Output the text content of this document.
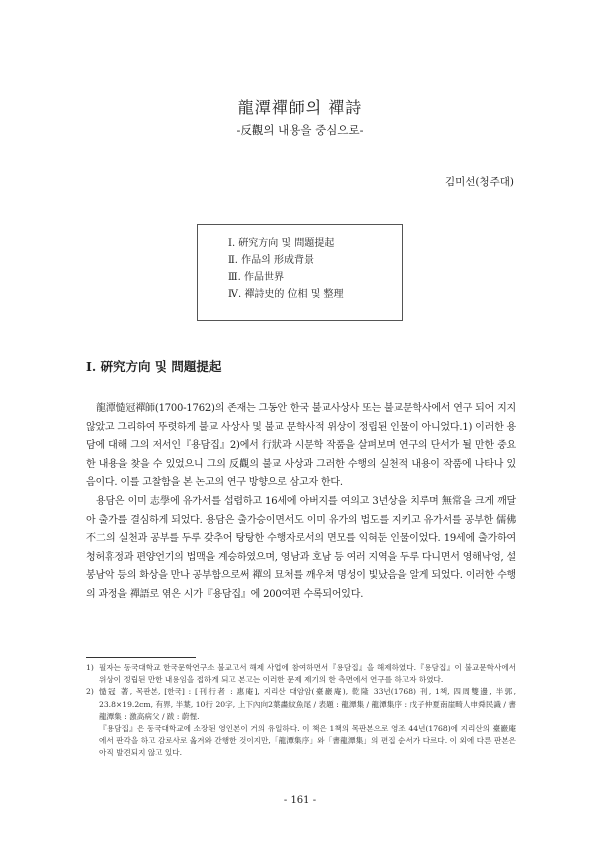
龍潭禪師의 禪詩
-反觀의 내용을 중심으로-
김미선(청주대)
Ⅰ. 硏究方向 및 問題提起
Ⅱ. 作品의 形成背景
Ⅲ. 作品世界
Ⅳ. 禪詩史的 位相 및 整理
Ⅰ. 硏究方向 및 問題提起

龍潭慥冠禪師(1700-1762)의 존재는 그동안 한국 불교사상사 또는 불교문학사에서 연구 되어 지지 않았고 그리하여 뚜렷하게 불교 사상사 및 불교 문학사적 위상이 정립된 인물이 아니었다.1) 이러한 용담에 대해 그의 저서인『용담집』2)에서 行狀과 시문학 작품을 살펴보며 연구의 단서가 될 만한 중요한 내용을 찾을 수 있었으니 그의 反觀의 불교 사상과 그러한 수행의 실천적 내용이 작품에 나타나 있음이다. 이를 고찰함을 본 논고의 연구 방향으로 삼고자 한다.

용담은 이미 志學에 유가서를 섭렵하고 16세에 아버지를 여의고 3년상을 치루며 無常을 크게 깨달아 출가를 결심하게 되었다. 용담은 출가승이면서도 이미 유가의 법도를 지키고 유가서를 공부한 儒佛不二의 실천과 공부를 두루 갖추어 탕탕한 수행자로서의 면모를 익혀둔 인물이었다. 19세에 출가하여 청허휴정과 편양언기의 법맥을 계승하였으며, 영남과 호남 등 여러 지역을 두루 다니면서 영해낙엉, 설봉남악 등의 화상을 만나 공부함으로써 禪의 묘처를 깨우쳐 명성이 빛났음을 알게 되었다. 이러한 수행의 과정을 禪語로 엮은 시가『용담집』에 200여편 수록되어있다.

1) 필자는 동국대학교 한국문학연구소 불교고서 해제 사업에 참여하면서『용담집』을 해제하였다.『용담집』이 불교문학사에서 위상이 정립된 만한 내용임을 접하게 되고 본고는 이러한 문제 제기의 한 측면에서 연구를 하고자 하였다.
2) 慥冠 著, 목판본, [한국] : [刊行者 : 惠庵], 지리산 대암암(臺巖庵), 乾隆 33년(1768) 刊, 1책, 四周雙邊, 半郭, 23.8×19.2cm, 有界, 半葉, 10行 20字, 上下內向2葉畵紋魚尾 / 表題 : 龍潭集 / 龍潭集序 : 戊子仲夏南崖畸人申舜民識 / 書龍潭集 : 激高病父 / 跋 : 蔚惺.
『용담집』은 동국대학교에 소장된 영인본이 거의 유일하다. 이 책은 1책의 목판본으로 영조 44년(1768)에 지리산의 臺巖庵에서 판각을 하고 감로사로 옮겨와 간행한 것이지만,「龍潭集序」와「書龍潭集」의 편집 순서가 다르다. 이 외에 다른 판본은 아직 발견되지 않고 있다.
- 161 -
